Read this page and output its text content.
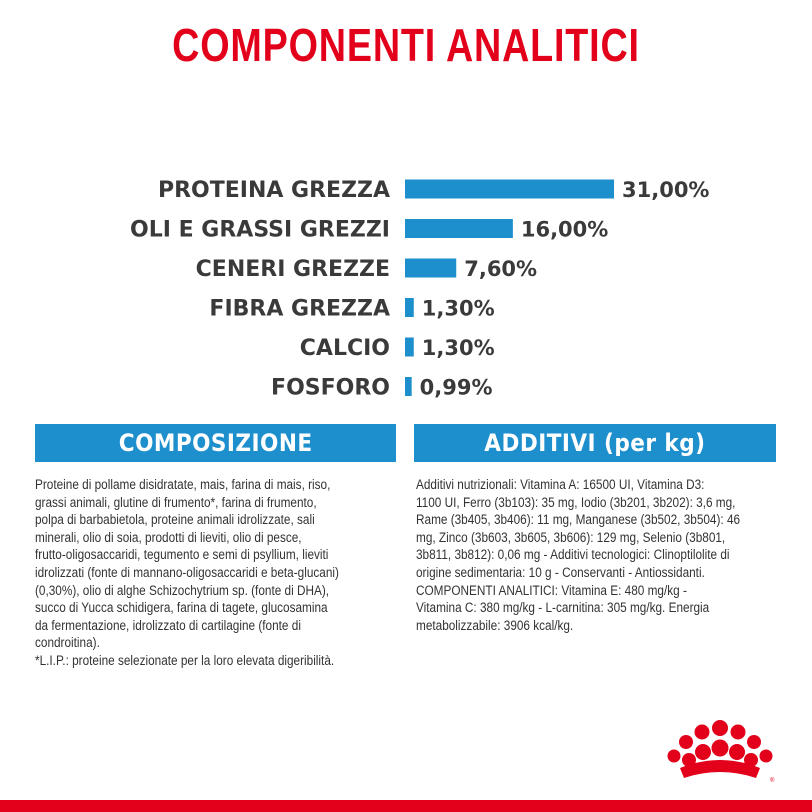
COMPONENTI ANALITICI
PROTEINA GREZZA	31,00%
OLI E GRASSI GREZZI	16,00%
CENERI GREZZE	7,60%
FIBRA GREZZA 1,30%
CALCIO 1,30%
FOSFORO 0,99%
COMPOSIZIONE	ADDITIVI (per kg)

Proteine di pollame disidratate, mais, farina di mais, riso,

grassi animali, glutine di frumento*, farina di frumento,

polpa di barbabietola, proteine animali idrolizzate, sali

minerali, olio di soia, prodotti di lieviti, olio di pesce,

frutto-oligosaccaridi, tegumento e semi di psyllium, lieviti

idrolizzati (fonte di mannano-oligosaccaridi e beta-glucani)

(0,30%), olio di alghe Schizochytrium sp. (fonte di DHA),

succo di Yucca schidigera, farina di tagete, glucosamina

da fermentazione, idrolizzato di cartilagine (fonte di

condroitina).

*L.I.P.: proteine selezionate per la loro elevata digeribilità.

Additivi nutrizionali: Vitamina A: 16500 UI, Vitamina D3:

1100 UI, Ferro (3b103): 35 mg, Iodio (3b201, 3b202): 3,6 mg,

Rame (3b405, 3b406): 11 mg, Manganese (3b502, 3b504): 46

mg, Zinco (3b603, 3b605, 3b606): 129 mg, Selenio (3b801,

3b811, 3b812): 0,06 mg - Additivi tecnologici: Clinoptilolite di

origine sedimentaria: 10 g - Conservanti - Antiossidanti.

COMPONENTI ANALITICI: Vitamina E: 480 mg/kg -

Vitamina C: 380 mg/kg - L-carnitina: 305 mg/kg. Energia

metabolizzabile: 3906 kcal/kg.

®
